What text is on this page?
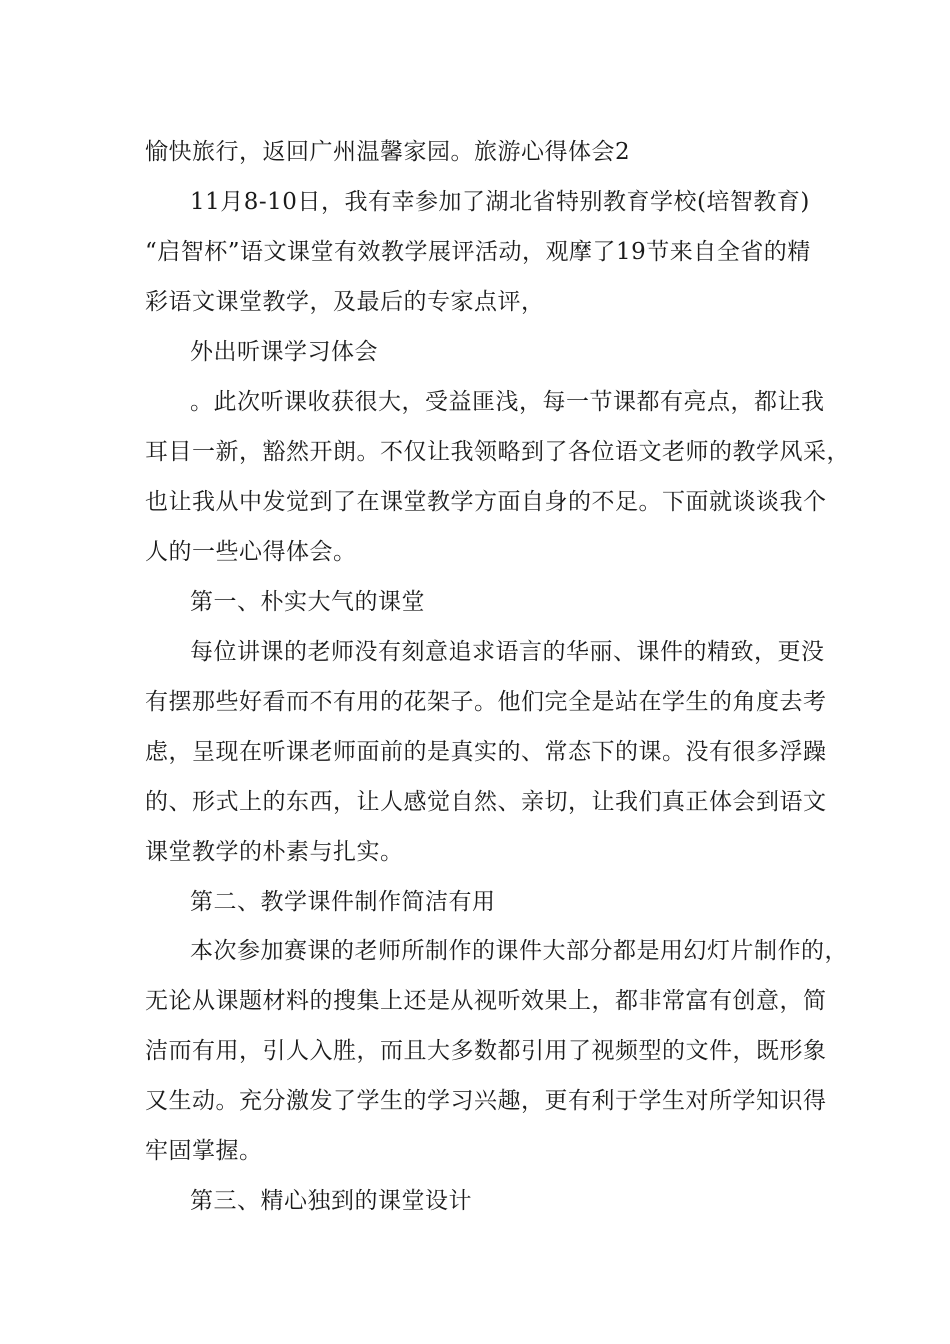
愉快旅行，返回广州温馨家园。旅游心得体会2
11月8-10日，我有幸参加了湖北省特别教育学校(培智教育)
“启智杯”语文课堂有效教学展评活动，观摩了19节来自全省的精
彩语文课堂教学，及最后的专家点评，
外出听课学习体会
。此次听课收获很大，受益匪浅，每一节课都有亮点，都让我
耳目一新，豁然开朗。不仅让我领略到了各位语文老师的教学风采，
也让我从中发觉到了在课堂教学方面自身的不足。下面就谈谈我个
人的一些心得体会。
第一、朴实大气的课堂
每位讲课的老师没有刻意追求语言的华丽、课件的精致，更没
有摆那些好看而不有用的花架子。他们完全是站在学生的角度去考
虑，呈现在听课老师面前的是真实的、常态下的课。没有很多浮躁
的、形式上的东西，让人感觉自然、亲切，让我们真正体会到语文
课堂教学的朴素与扎实。
第二、教学课件制作简洁有用
本次参加赛课的老师所制作的课件大部分都是用幻灯片制作的，
无论从课题材料的搜集上还是从视听效果上，都非常富有创意，简
洁而有用，引人入胜，而且大多数都引用了视频型的文件，既形象
又生动。充分激发了学生的学习兴趣，更有利于学生对所学知识得
牢固掌握。
第三、精心独到的课堂设计
